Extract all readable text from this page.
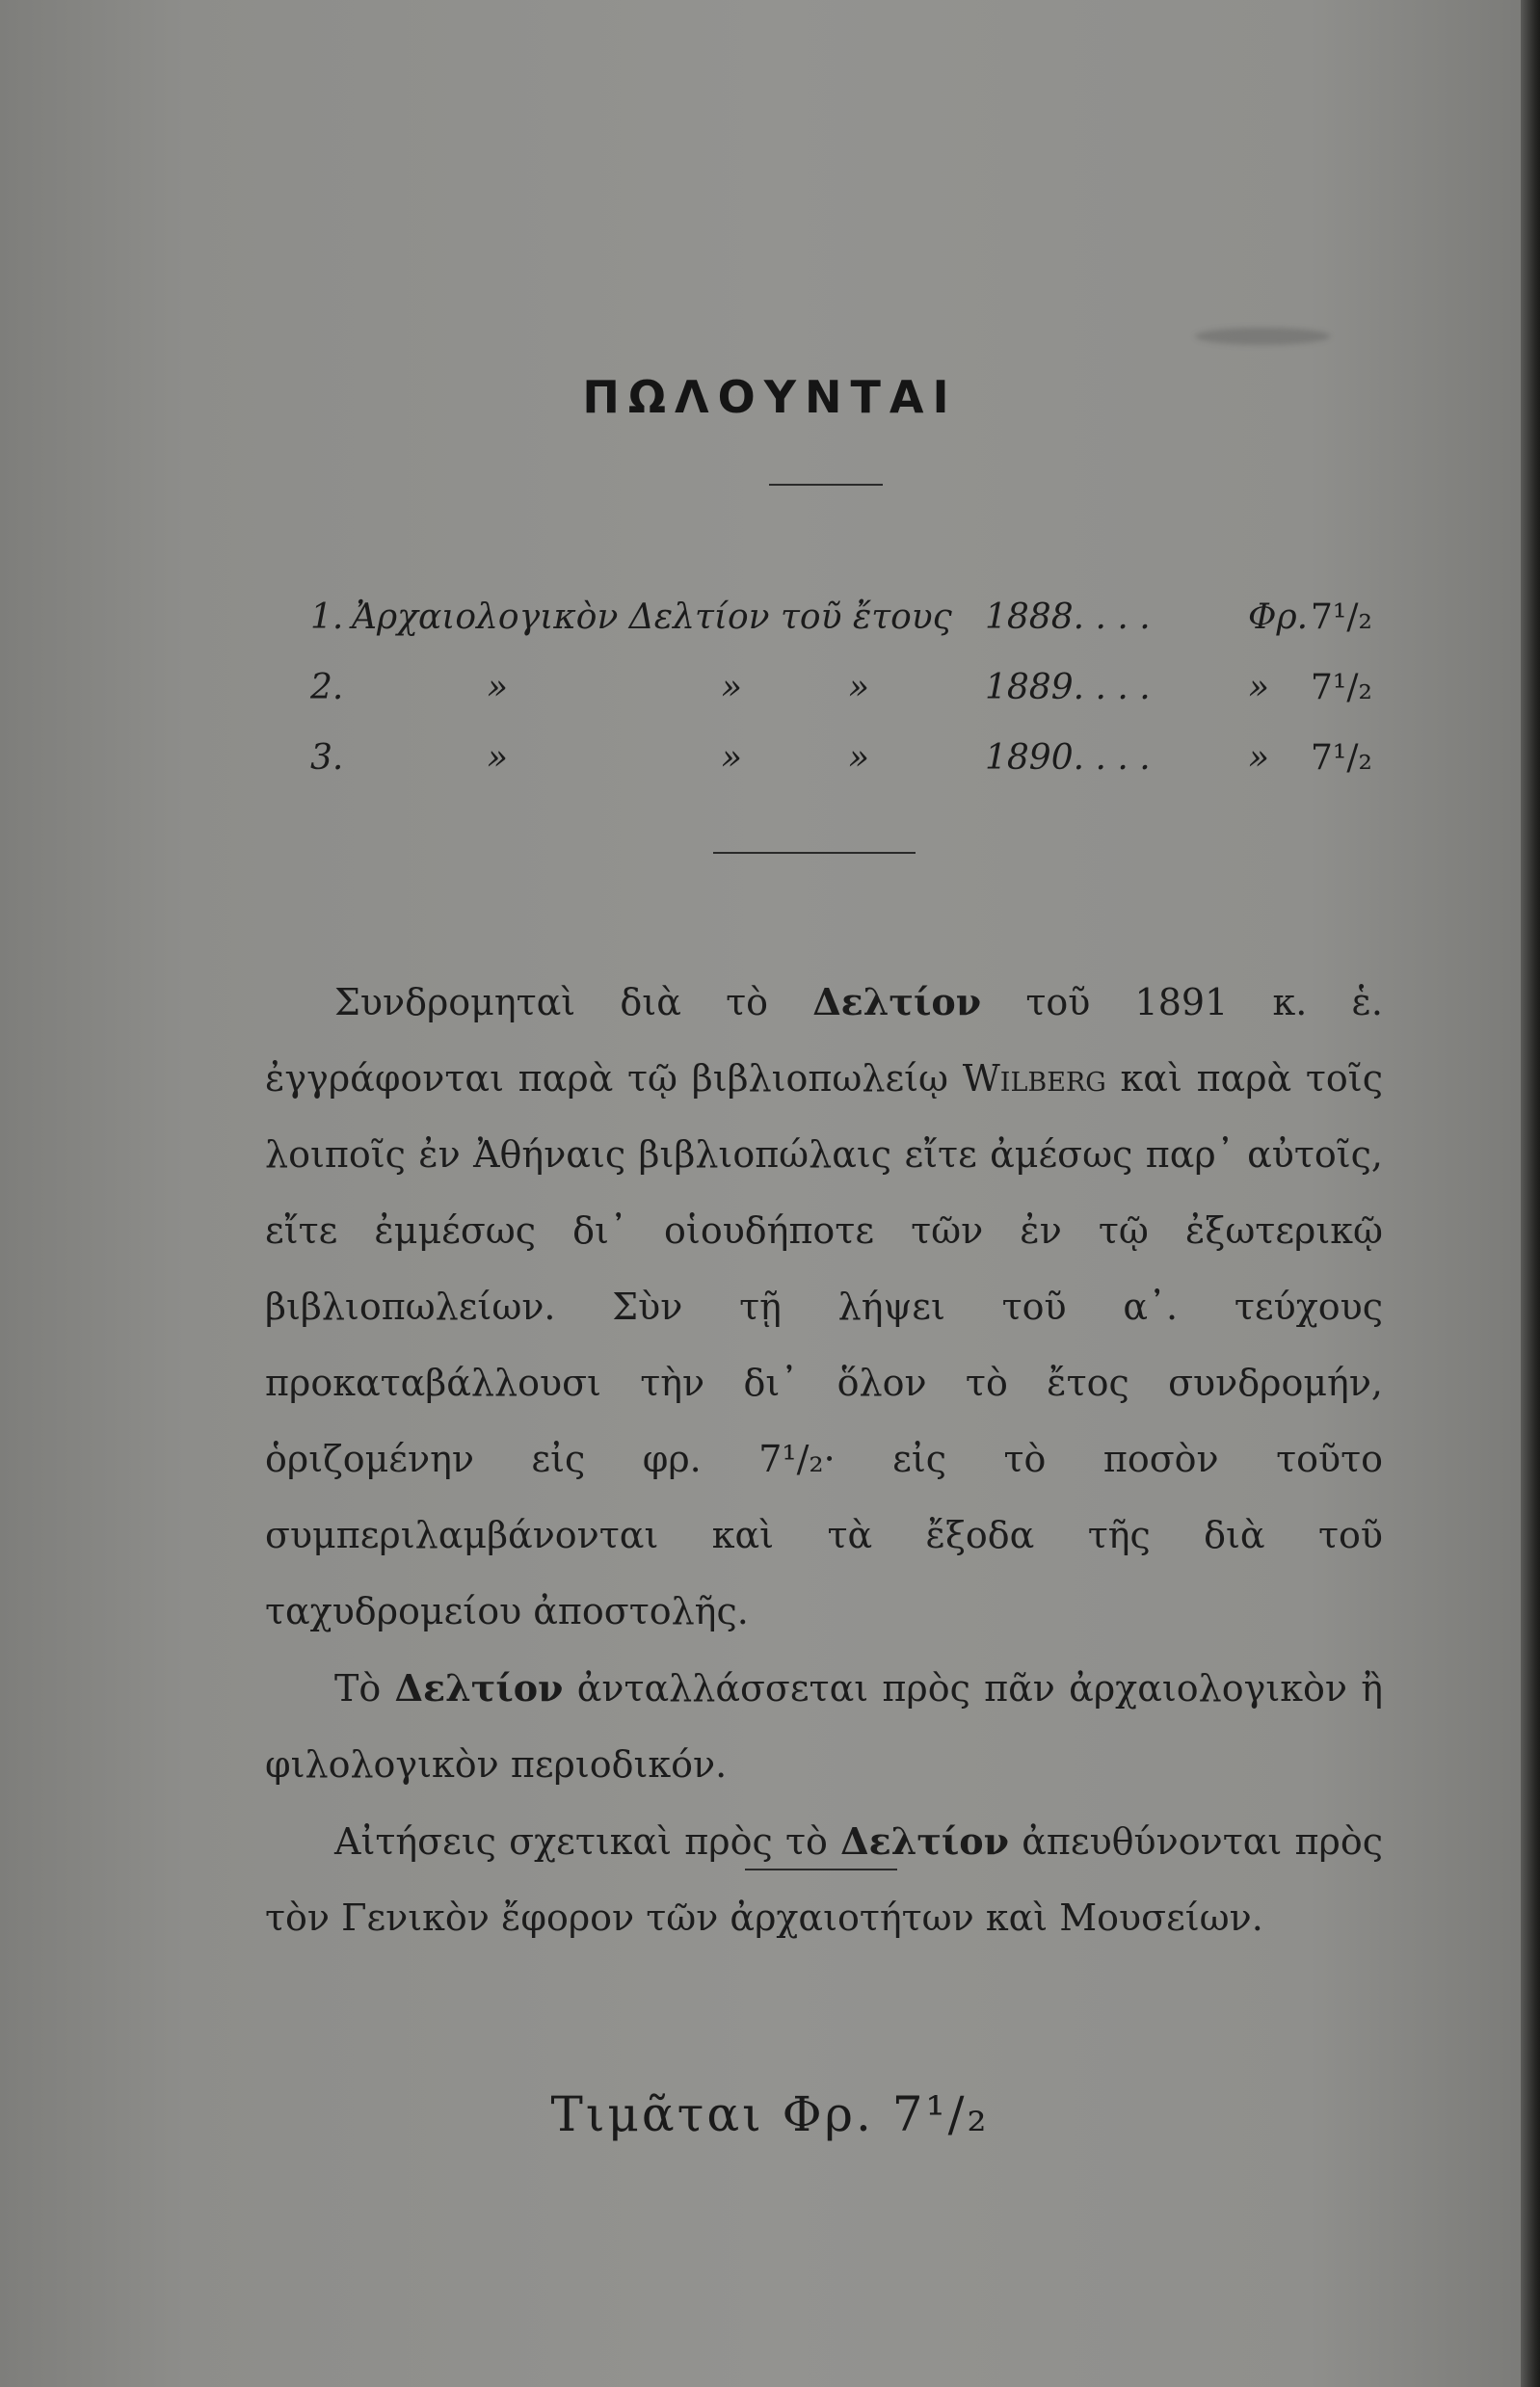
ΠΩΛΟΥΝΤΑΙ
1. Ἀρχαιολογικὸν Δελτίον τοῦ ἔτους 1888. . . .	Φρ. 7¹/₂
2.	»	»	»	1889. . . .	» 7¹/₂
3.	»	»	»	1890. . . .	» 7¹/₂

Συνδρομηταὶ διὰ τὸ Δελτίον τοῦ 1891 κ. ἑ. ἐγγράφονται παρὰ τῷ βιβλιοπωλείῳ Wilberg καὶ παρὰ τοῖς λοιποῖς ἐν Ἀθήναις βιβλιοπώλαις εἴτε ἀμέσως παρ᾽ αὐτοῖς, εἴτε ἐμμέσως δι᾽ οἱουδήποτε τῶν ἐν τῷ ἐξωτερικῷ βιβλιοπωλείων. Σὺν τῇ λήψει τοῦ α᾽. τεύχους προκαταβάλλουσι τὴν δι᾽ ὅλον τὸ ἔτος συνδρομήν, ὁριζομένην εἰς φρ. 7¹/₂· εἰς τὸ ποσὸν τοῦτο συμπεριλαμβάνονται καὶ τὰ ἔξοδα τῆς διὰ τοῦ ταχυδρομείου ἀποστολῆς.

Τὸ Δελτίον ἀνταλλάσσεται πρὸς πᾶν ἀρχαιολογικὸν ἢ φιλολογικὸν περιοδικόν.

Αἰτήσεις σχετικαὶ πρὸς τὸ Δελτίον ἀπευθύνονται πρὸς τὸν Γενικὸν ἔφορον τῶν ἀρχαιοτήτων καὶ Μουσείων.

Τιμᾶται Φρ. 7¹/₂
